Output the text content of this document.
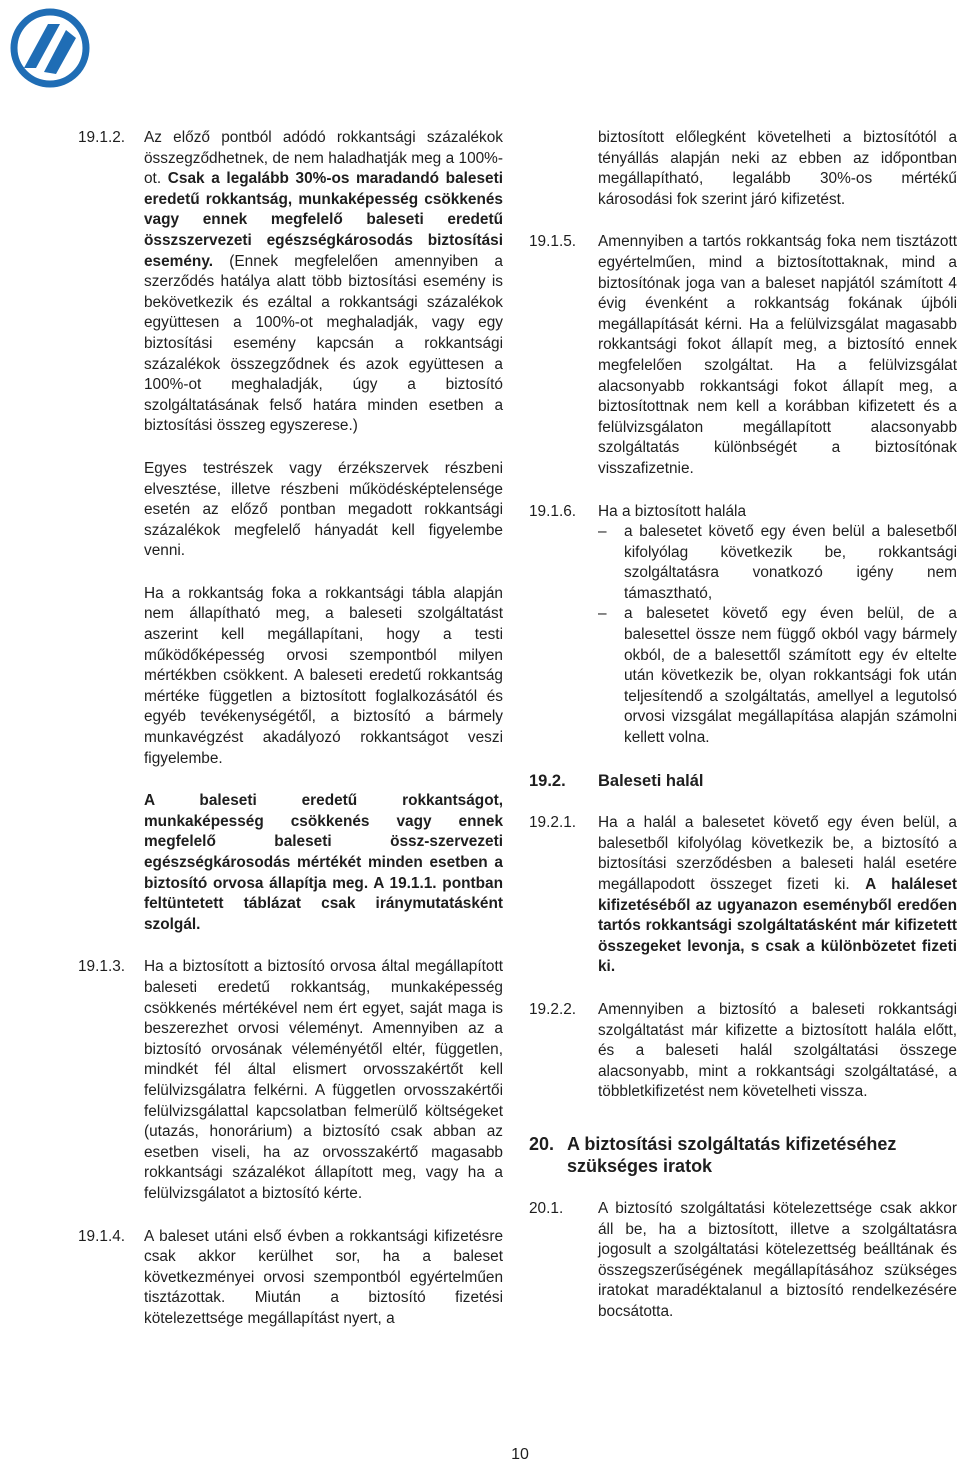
19.1.2.	Az előző pontból adódó rokkantsági százalékok összegződhetnek, de nem haladhatják meg a 100%-ot. Csak a legalább 30%-os maradandó baleseti eredetű rokkantság, munkaképesség csökkenés vagy ennek megfelelő baleseti eredetű összszervezeti egészségkárosodás biztosítási esemény. (Ennek megfelelően amennyiben a szerződés hatálya alatt több biztosítási esemény is bekövetkezik és ezáltal a rokkantsági százalékok együttesen a 100%-ot meghaladják, vagy egy biztosítási esemény kapcsán a rokkantsági százalékok összegződnek és azok együttesen a 100%-ot meghaladják, úgy a biztosító szolgáltatásának felső határa minden esetben a biztosítási összeg egyszerese.)
Egyes testrészek vagy érzékszervek részbeni elvesztése, illetve részbeni működésképtelensége esetén az előző pontban megadott rokkantsági százalékok megfelelő hányadát kell figyelembe venni.
Ha a rokkantság foka a rokkantsági tábla alapján nem állapítható meg, a baleseti szolgáltatást aszerint kell megállapítani, hogy a testi működőképesség orvosi szempontból milyen mértékben csökkent. A baleseti eredetű rokkantság mértéke független a biztosított foglalkozásától és egyéb tevékenységétől, a biztosító a bármely munkavégzést akadályozó rokkantságot veszi figyelembe.
A baleseti eredetű rokkantságot, munkaképesség csökkenés vagy ennek megfelelő baleseti össz-szervezeti egészségkárosodás mértékét minden esetben a biztosító orvosa állapítja meg. A 19.1.1. pontban feltüntetett táblázat csak iránymutatásként szolgál.
19.1.3.	Ha a biztosított a biztosító orvosa által megállapított baleseti eredetű rokkantság, munkaképesség csökkenés mértékével nem ért egyet, saját maga is beszerezhet orvosi véleményt. Amennyiben az a biztosító orvosának véleményétől eltér, független, mindkét fél által elismert orvosszakértőt kell felülvizsgálatra felkérni. A független orvosszakértői felülvizsgálattal kapcsolatban felmerülő költségeket (utazás, honorárium) a biztosító csak abban az esetben viseli, ha az orvosszakértő magasabb rokkantsági százalékot állapított meg, vagy ha a felülvizsgálatot a biztosító kérte.
19.1.4.	A baleset utáni első évben a rokkantsági kifizetésre csak akkor kerülhet sor, ha a baleset következményei orvosi szempontból egyértelműen tisztázottak. Miután a biztosító fizetési kötelezettsége megállapítást nyert, a
biztosított előlegként követelheti a biztosítótól a tényállás alapján neki az ebben az időpontban megállapítható, legalább 30%-os mértékű károsodási fok szerint járó kifizetést.
19.1.5.	Amennyiben a tartós rokkantság foka nem tisztázott egyértelműen, mind a biztosítottaknak, mind a biztosítónak joga van a baleset napjától számított 4 évig évenként a rokkantság fokának újbóli megállapítását kérni. Ha a felülvizsgálat magasabb rokkantsági fokot állapít meg, a biztosító ennek megfelelően szolgáltat. Ha a felülvizsgálat alacsonyabb rokkantsági fokot állapít meg, a biztosítottnak nem kell a korábban kifizetett és a felülvizsgálaton megállapított alacsonyabb szolgáltatás különbségét a biztosítónak visszafizetnie.
19.1.6.	Ha a biztosított halála
–	a balesetet követő egy éven belül a balesetből kifolyólag következik be, rokkantsági szolgáltatásra vonatkozó igény nem támasztható,
–	a balesetet követő egy éven belül, de a balesettel össze nem függő okból vagy bármely okból, de a balesettől számított egy év eltelte után következik be, olyan rokkantsági fok után teljesítendő a szolgáltatás, amellyel a legutolsó orvosi vizsgálat megállapítása alapján számolni kellett volna.
19.2.	Baleseti halál
19.2.1.	Ha a halál a balesetet követő egy éven belül, a balesetből kifolyólag következik be, a biztosító a biztosítási szerződésben a baleseti halál esetére megállapodott összeget fizeti ki. A haláleset kifizetéséből az ugyanazon eseményből eredően tartós rokkantsági szolgáltatásként már kifizetett összegeket levonja, s csak a különbözetet fizeti ki.
19.2.2.	Amennyiben a biztosító a baleseti rokkantsági szolgáltatást már kifizette a biztosított halála előtt, és a baleseti halál szolgáltatási összege alacsonyabb, mint a rokkantsági szolgáltatásé, a többletkifizetést nem követelheti vissza.
20. A biztosítási szolgáltatás kifizetéséhez szükséges iratok
20.1.	A biztosító szolgáltatási kötelezettsége csak akkor áll be, ha a biztosított, illetve a szolgáltatásra jogosult a szolgáltatási kötelezettség beálltának és összegszerűségének megállapításához szükséges iratokat maradéktalanul a biztosító rendelkezésére bocsátotta.
10
